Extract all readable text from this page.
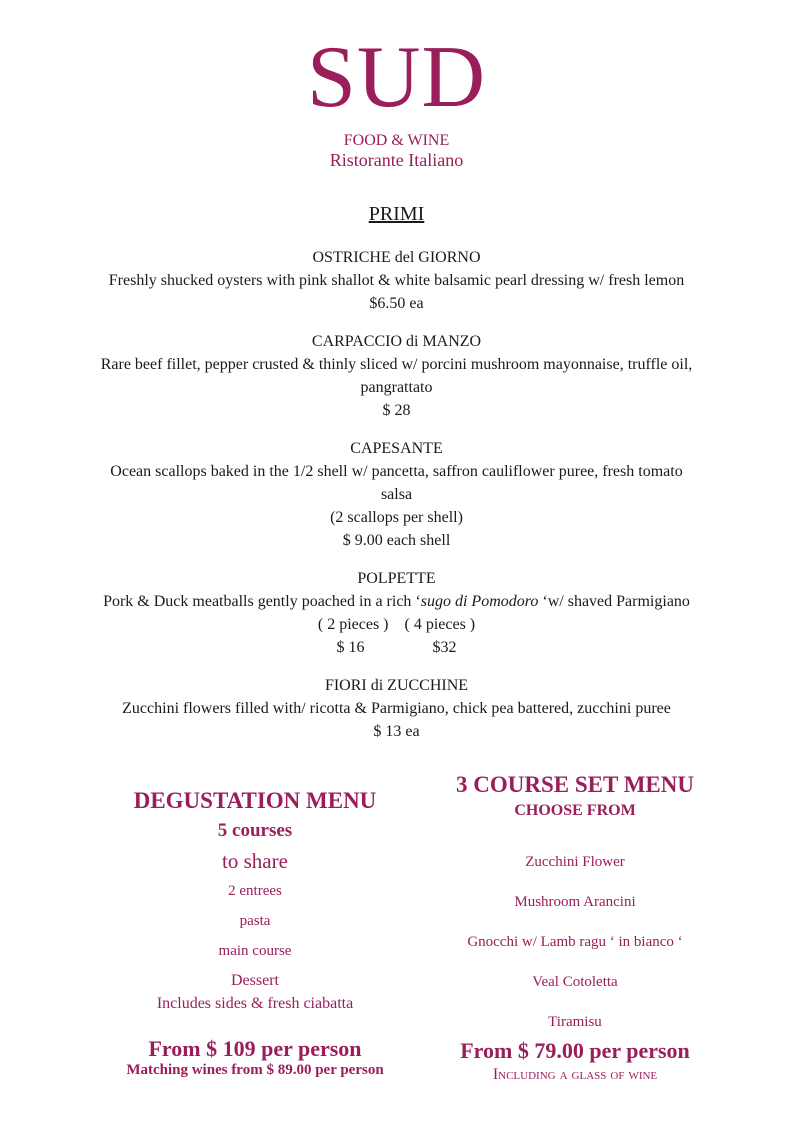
SUD
FOOD & WINE
Ristorante Italiano
PRIMI
OSTRICHE del GIORNO
Freshly shucked oysters with pink shallot & white balsamic pearl dressing w/ fresh lemon
$6.50 ea
CARPACCIO di MANZO
Rare beef fillet, pepper crusted & thinly sliced w/ porcini mushroom mayonnaise, truffle oil,
pangrattato
$ 28
CAPESANTE
Ocean scallops baked in the 1/2 shell w/ pancetta, saffron cauliflower puree, fresh tomato
salsa
(2 scallops per shell)
$ 9.00 each shell
POLPETTE
Pork & Duck meatballs gently poached in a rich ‘sugo di Pomodoro ‘w/ shaved Parmigiano
( 2 pieces ) ( 4 pieces )
$ 16	$32
FIORI di ZUCCHINE
Zucchini flowers filled with/ ricotta & Parmigiano, chick pea battered, zucchini puree
$ 13 ea
DEGUSTATION MENU
5 courses
to share
2 entrees
pasta
main course
Dessert
Includes sides & fresh ciabatta
From $ 109 per person
Matching wines from $ 89.00 per person
3 COURSE SET MENU
CHOOSE FROM
Zucchini Flower
Mushroom Arancini
Gnocchi w/ Lamb ragu ‘ in bianco ‘
Veal Cotoletta
Tiramisu
From $ 79.00 per person
Including a glass of wine
